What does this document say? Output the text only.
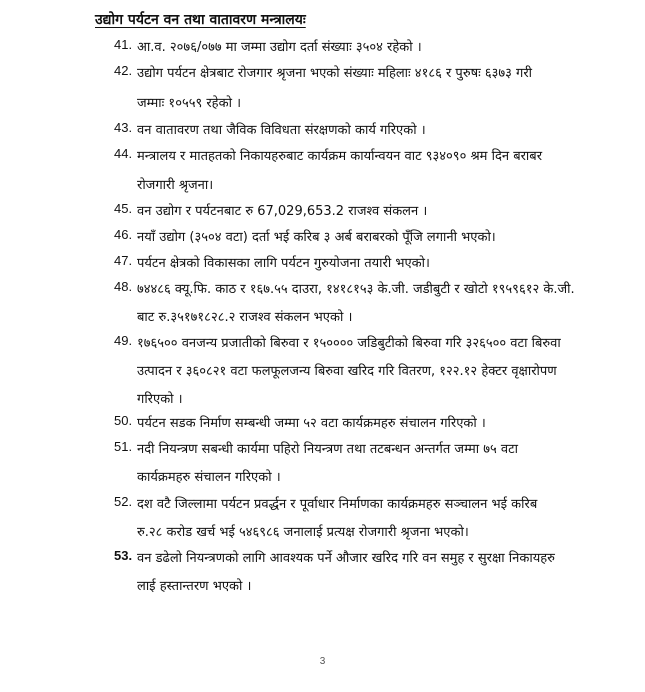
उद्योग पर्यटन वन तथा वातावरण मन्त्रालयः
41. आ.व. २०७६/०७७ मा जम्मा उद्योग दर्ता संख्याः ३५०४ रहेको ।
42. उद्योग पर्यटन क्षेत्रबाट रोजगार श्रृजना भएको संख्याः महिलाः ४१८६ र पुरुषः ६३७३ गरी
जम्माः १०५५९ रहेको ।
43. वन वातावरण तथा जैविक विविधता संरक्षणको कार्य गरिएको ।
44. मन्त्रालय र मातहतको निकायहरुबाट कार्यक्रम कार्यान्वयन वाट ९३४०९० श्रम दिन बराबर
रोजगारी श्रृजना।
45. वन उद्योग र पर्यटनबाट रु 67,029,653.2 राजश्व संकलन ।
46. नयाँ उद्योग (३५०४ वटा) दर्ता भई करिब ३ अर्ब बराबरको पूँजि लगानी भएको।
47. पर्यटन क्षेत्रको विकासका लागि पर्यटन गुरुयोजना तयारी भएको।
48. ७४४८६ क्यू.फि. काठ र १६७.५५ दाउरा, १४१८१५३ के.जी. जडीबुटी र खोटो १९५९६१२ के.जी.
बाट रु.३५१७१८२८.२ राजश्व संकलन भएको ।
49. १७६५०० वनजन्य प्रजातीको बिरुवा र १५०००० जडिबुटीको बिरुवा गरि ३२६५०० वटा बिरुवा
उत्पादन र ३६०८२१ वटा फलफूलजन्य बिरुवा खरिद गरि वितरण, १२२.१२ हेक्टर वृक्षारोपण
गरिएको ।
50. पर्यटन सडक निर्माण सम्बन्धी जम्मा ५२ वटा कार्यक्रमहरु संचालन गरिएको ।
51. नदी नियन्त्रण सबन्धी कार्यमा पहिरो नियन्त्रण तथा तटबन्धन अन्तर्गत जम्मा ७५ वटा
कार्यक्रमहरु संचालन गरिएको ।
52. दश वटै जिल्लामा पर्यटन प्रवर्द्धन र पूर्वाधार निर्माणका कार्यक्रमहरु सञ्चालन भई करिब
रु.२८ करोड खर्च भई ५४६९८६ जनालाई प्रत्यक्ष रोजगारी श्रृजना भएको।
53. वन डढेलो नियन्त्रणको लागि आवश्यक पर्ने औजार खरिद गरि वन समुह र सुरक्षा निकायहरु
लाई हस्तान्तरण भएको ।
3
